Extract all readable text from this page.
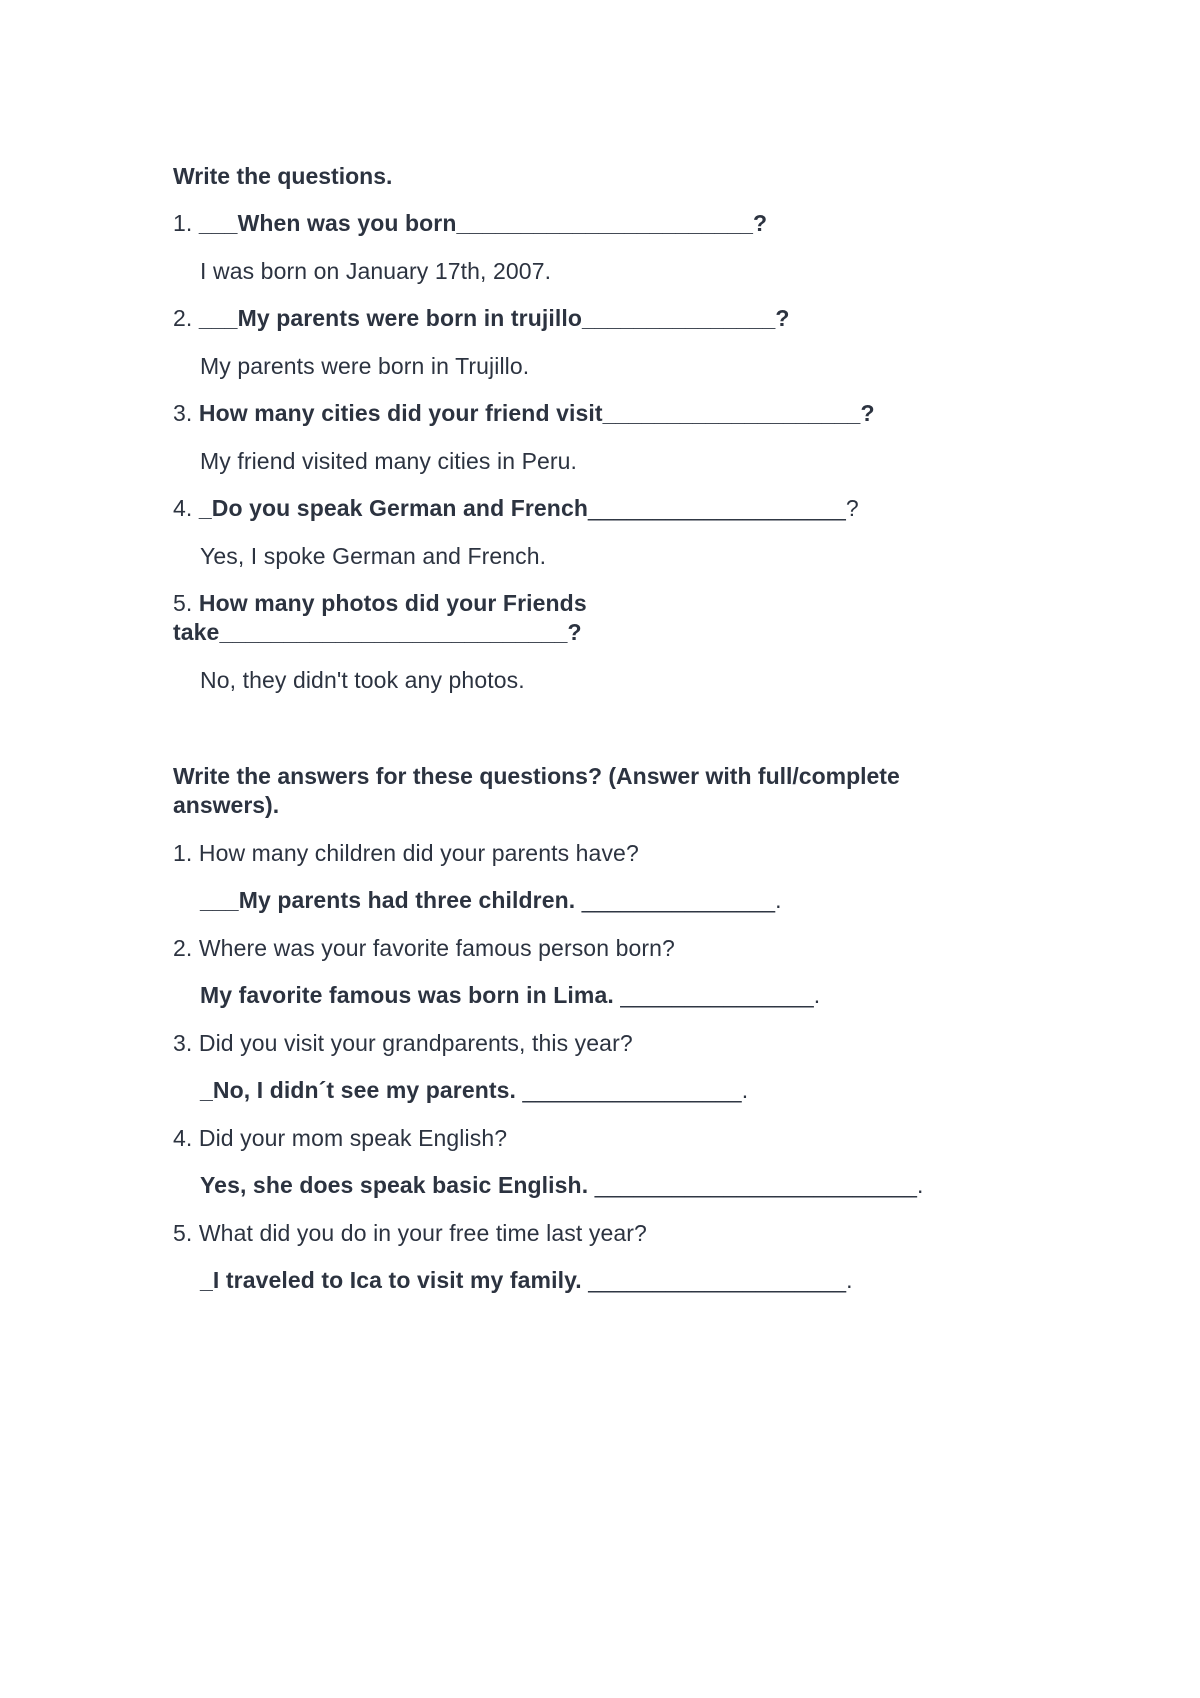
Write the questions.
1. ___When was you born_______________________?
I was born on January 17th, 2007.
2. ___My parents were born in trujillo_______________?
My parents were born in Trujillo.
3. How many cities did your friend visit____________________?
My friend visited many cities in Peru.
4. _Do you speak German and French____________________?
Yes, I spoke German and French.
5. How many photos did your Friends
take___________________________?
No, they didn't took any photos.
Write the answers for these questions? (Answer with full/complete
answers).
1. How many children did your parents have?
___My parents had three children. _______________.
2. Where was your favorite famous person born?
My favorite famous was born in Lima. _______________.
3. Did you visit your grandparents, this year?
_No, I didn´t see my parents. _________________.
4. Did your mom speak English?
Yes, she does speak basic English. _________________________.
5. What did you do in your free time last year?
_I traveled to Ica to visit my family. ____________________.
